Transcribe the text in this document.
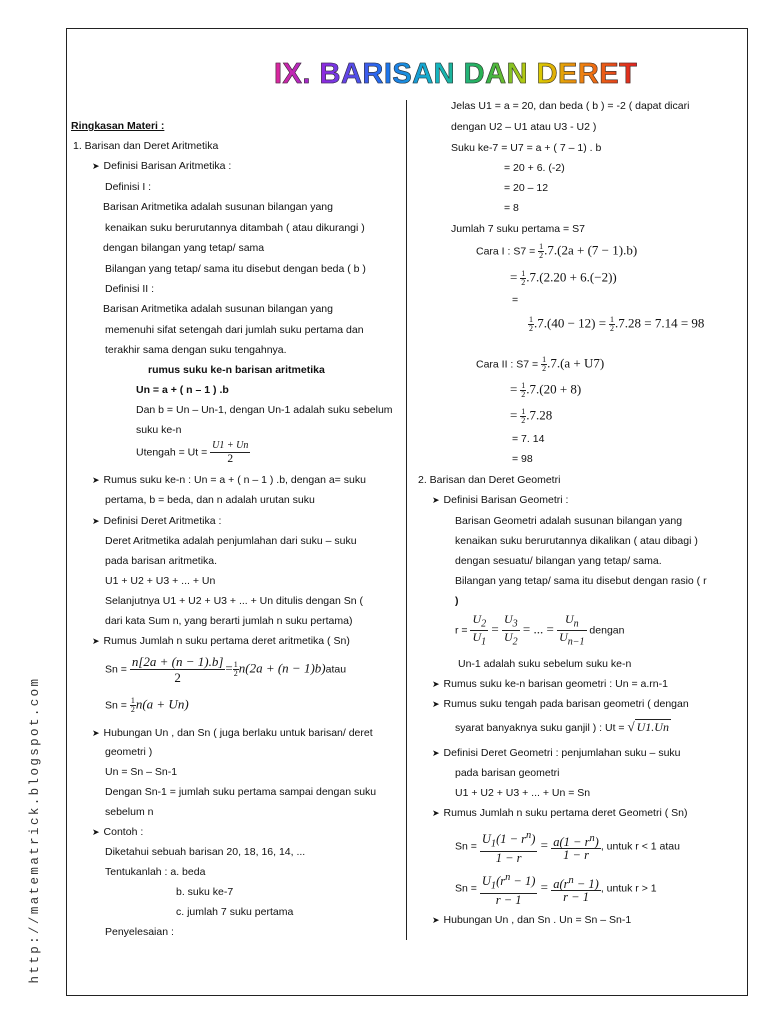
IX. BARISAN DAN DERET
http://matematrick.blogspot.com
Ringkasan Materi :
1. Barisan dan Deret Aritmetika
➤ Definisi Barisan Aritmetika :
Definisi I :
Barisan Aritmetika adalah susunan bilangan yang
kenaikan suku berurutannya ditambah ( atau dikurangi )
dengan bilangan yang tetap/ sama
Bilangan yang tetap/ sama itu disebut dengan beda ( b )
Definisi II :
Barisan Aritmetika adalah susunan bilangan yang
memenuhi sifat setengah dari jumlah suku pertama dan
terakhir sama dengan suku tengahnya.
rumus suku ke-n barisan aritmetika
Un = a + ( n – 1 ) .b
Dan b = Un – Un-1, dengan Un-1 adalah suku sebelum
suku ke-n
Utengah = $Ut = \frac{U1 + Un}{2}$
➤ Rumus suku ke-n : Un = a + ( n – 1 ) .b, dengan a= suku
pertama, b = beda, dan n adalah urutan suku
➤ Definisi Deret Aritmetika :
Deret Aritmetika adalah penjumlahan dari suku – suku
pada barisan aritmetika.
U1 + U2 + U3 + ... + Un
Selanjutnya U1 + U2 + U3 + ... + Un ditulis dengan Sn (
dari kata Sum n, yang berarti jumlah n suku pertama)
➤ Rumus Jumlah n suku pertama deret aritmetika ( Sn)
$Sn = \frac{n[2a + (n - 1).b]}{2} = \frac{1}{2} n(2a + (n$ − 1)b)atau
$Sn = \frac{1}{2} n(a + Un)$
➤ Hubungan Un , dan Sn ( juga berlaku untuk barisan/ deret
geometri )
Un = Sn – Sn-1
Dengan Sn-1 = jumlah suku pertama sampai dengan suku
sebelum n
➤ Contoh :
Diketahui sebuah barisan 20, 18, 16, 14, ...
Tentukanlah : a. beda
b. suku ke-7
c. jumlah 7 suku pertama
Penyelesaian :
Jelas U1 = a = 20, dan beda ( b ) = -2 ( dapat dicari
dengan U2 – U1 atau U3 - U2 )
Suku ke-7 = U7 = a + ( 7 – 1) . b
= 20 + 6. (-2)
= 20 – 12
= 8
Jumlah 7 suku pertama = S7
Cara I : $S7 = \frac{1}{2} .7.(2a + (7 - 1).b)$
= $\frac{1}{2} .7.(2.20 + 6.(-2))$
=
$\frac{1}{2} .7.(40 - 12) = \frac{1}{2} .7.28 = 7.14 = 98$
Cara II : $S7 = \frac{1}{2} .7.(a + U7)$
= $\frac{1}{2} .7.(20 + 8)$
= $\frac{1}{2} .7.28$
= 7. 14
= 98
2. Barisan dan Deret Geometri
➤ Definisi Barisan Geometri :
Barisan Geometri adalah susunan bilangan yang
kenaikan suku berurutannya dikalikan ( atau dibagi )
dengan sesuatu/ bilangan yang tetap/ sama.
Bilangan yang tetap/ sama itu disebut dengan rasio ( r
)
$r = \frac{U_2}{U_1} = \frac{U_3}{U_2}$ = ... = $\frac{U_n}{U_{n-1}}$ dengan
Un-1 adalah suku sebelum suku ke-n
➤ Rumus suku ke-n barisan geometri : Un = a.rn-1
➤ Rumus suku tengah pada barisan geometri ( dengan
syarat banyaknya suku ganjil ) : Ut = √ U1.Un
➤ Definisi Deret Geometri : penjumlahan suku – suku
pada barisan geometri
U1 + U2 + U3 + ... + Un = Sn
➤ Rumus Jumlah n suku pertama deret Geometri ( Sn)
$Sn = \frac{U_1(1 - r^n)}{1 - r} = \frac{a(1 - r^n)}{1 - r}$ , untuk r < 1 atau
$Sn = \frac{U_1(r^n - 1)}{r - 1} = \frac{a(r^n - 1)}{r - 1}$ , untuk r > 1
➤ Hubungan Un , dan Sn . Un = Sn – Sn-1
